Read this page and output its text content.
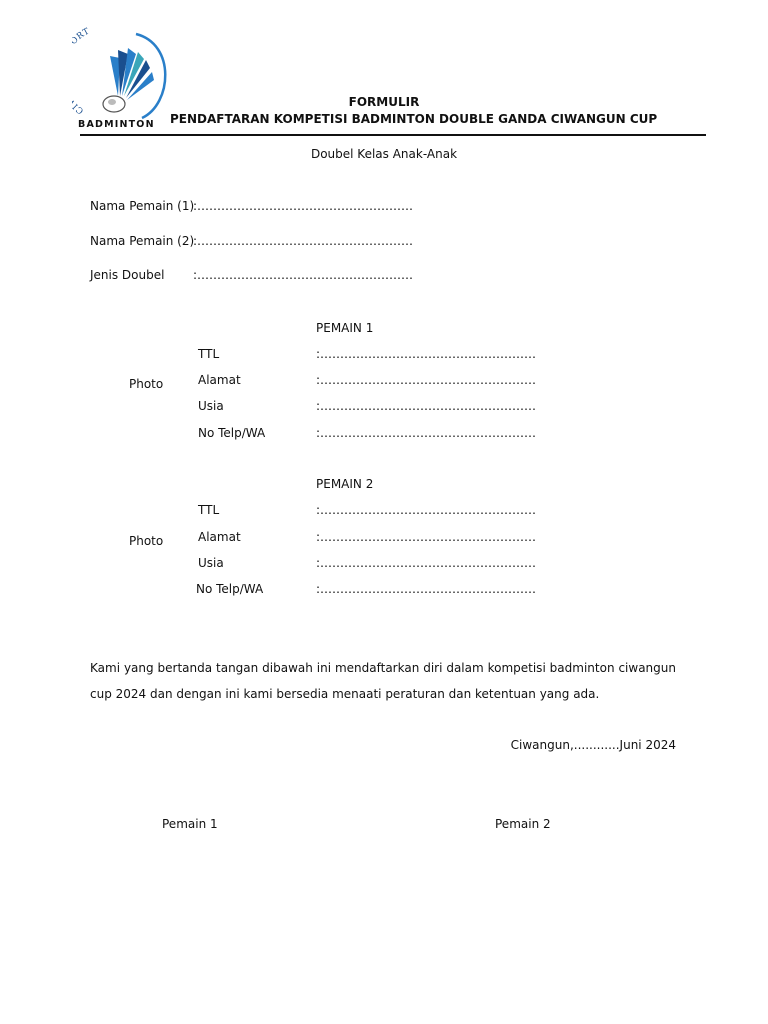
C RT
BADMINTON
FORMULIR
PENDAFTARAN KOMPETISI BADMINTON DOUBLE GANDA CIWANGUN CUP
Doubel Kelas Anak-Anak
Nama Pemain (1)
:………………………………………………
Nama Pemain (2)
:………………………………………………
Jenis Doubel :………………………………………………
PEMAIN 1
Photo
TTL	:………………………………………………
Alamat	:………………………………………………
Usia	:………………………………………………
No Telp/WA	:………………………………………………
PEMAIN 2
Photo
TTL	:………………………………………………
Alamat	:………………………………………………
Usia	:………………………………………………
No Telp/WA	:………………………………………………
Kami yang bertanda tangan dibawah ini mendaftarkan diri dalam kompetisi badminton ciwangun cup 2024 dan dengan ini kami bersedia menaati peraturan dan ketentuan yang ada.
Ciwangun,............Juni 2024
Pemain 1	Pemain 2
